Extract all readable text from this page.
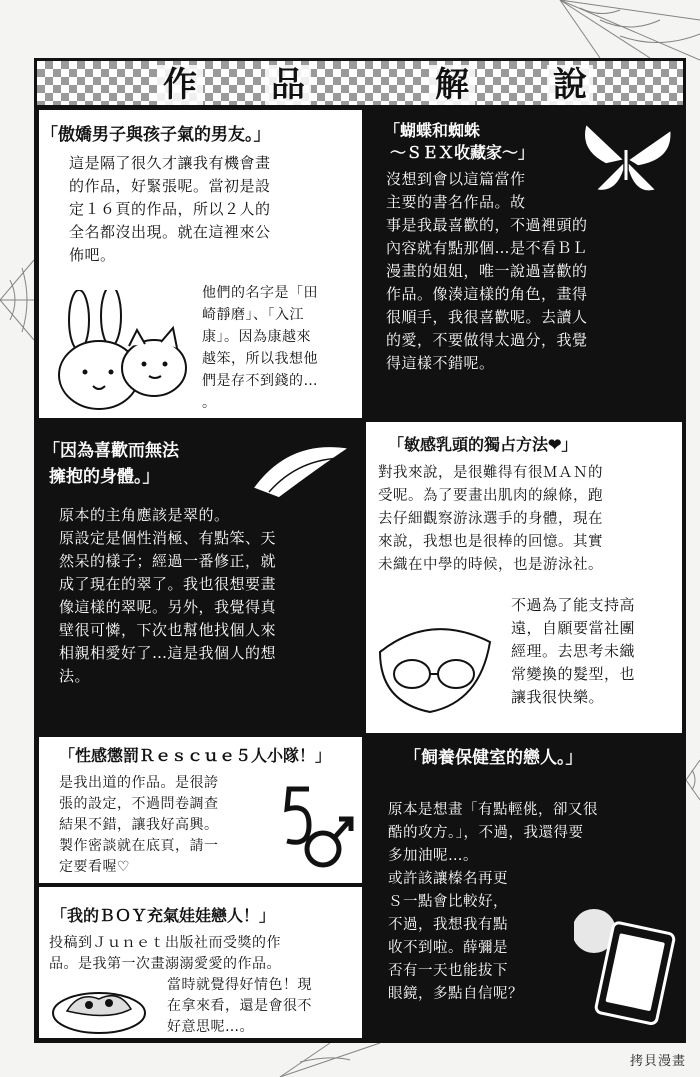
作 品	解 說
「傲嬌男子與孩子氣的男友。」
這是隔了很久才讓我有機會畫
的作品，好緊張呢。當初是設
定１６頁的作品，所以２人的
全名都沒出現。就在這裡來公
佈吧。
他們的名字是「田
崎靜磨」、「入江
康」。因為康越來
越笨，所以我想他
們是存不到錢的…
。
「蝴蝶和蜘蛛
～ＳＥＸ收藏家～」
沒想到會以這篇當作
主要的書名作品。故
事是我最喜歡的，不過裡頭的
內容就有點那個…是不看ＢＬ
漫畫的姐姐，唯一說過喜歡的
作品。像湊這樣的角色，畫得
很順手，我很喜歡呢。去讀人
的愛，不要做得太過分，我覺
得這樣不錯呢。
「因為喜歡而無法
擁抱的身體。」
原本的主角應該是翠的。
原設定是個性消極、有點笨、天
然呆的樣子；經過一番修正，就
成了現在的翠了。我也很想要畫
像這樣的翠呢。另外，我覺得真
壁很可憐，下次也幫他找個人來
相親相愛好了…這是我個人的想
法。
「敏感乳頭的獨占方法❤」
對我來說，是很難得有很ＭＡＮ的
受呢。為了要畫出肌肉的線條，跑
去仔細觀察游泳選手的身體，現在
來說，我想也是很棒的回憶。其實
未織在中學的時候，也是游泳社。
不過為了能支持高
遠，自願要當社團
經理。去思考未織
常變換的髮型，也
讓我很快樂。
「性感懲罰Ｒｅｓｃｕｅ５人小隊！」
是我出道的作品。是很誇
張的設定，不過問卷調查
結果不錯，讓我好高興。
製作密談就在底頁，請一
定要看喔♡
「飼養保健室的戀人。」
原本是想畫「有點輕佻，卻又很
酷的攻方。」，不過，我還得要
多加油呢…。
或許該讓榛名再更
Ｓ一點會比較好，
不過，我想我有點
收不到啦。薛彌是
否有一天也能拔下
眼鏡，多點自信呢？
「我的ＢＯＹ充氣娃娃戀人！」
投稿到Ｊｕｎｅｔ出版社而受獎的作
品。是我第一次畫溺溺愛愛的作品。
當時就覺得好情色！現
在拿來看，還是會很不
好意思呢…。
拷貝漫畫
